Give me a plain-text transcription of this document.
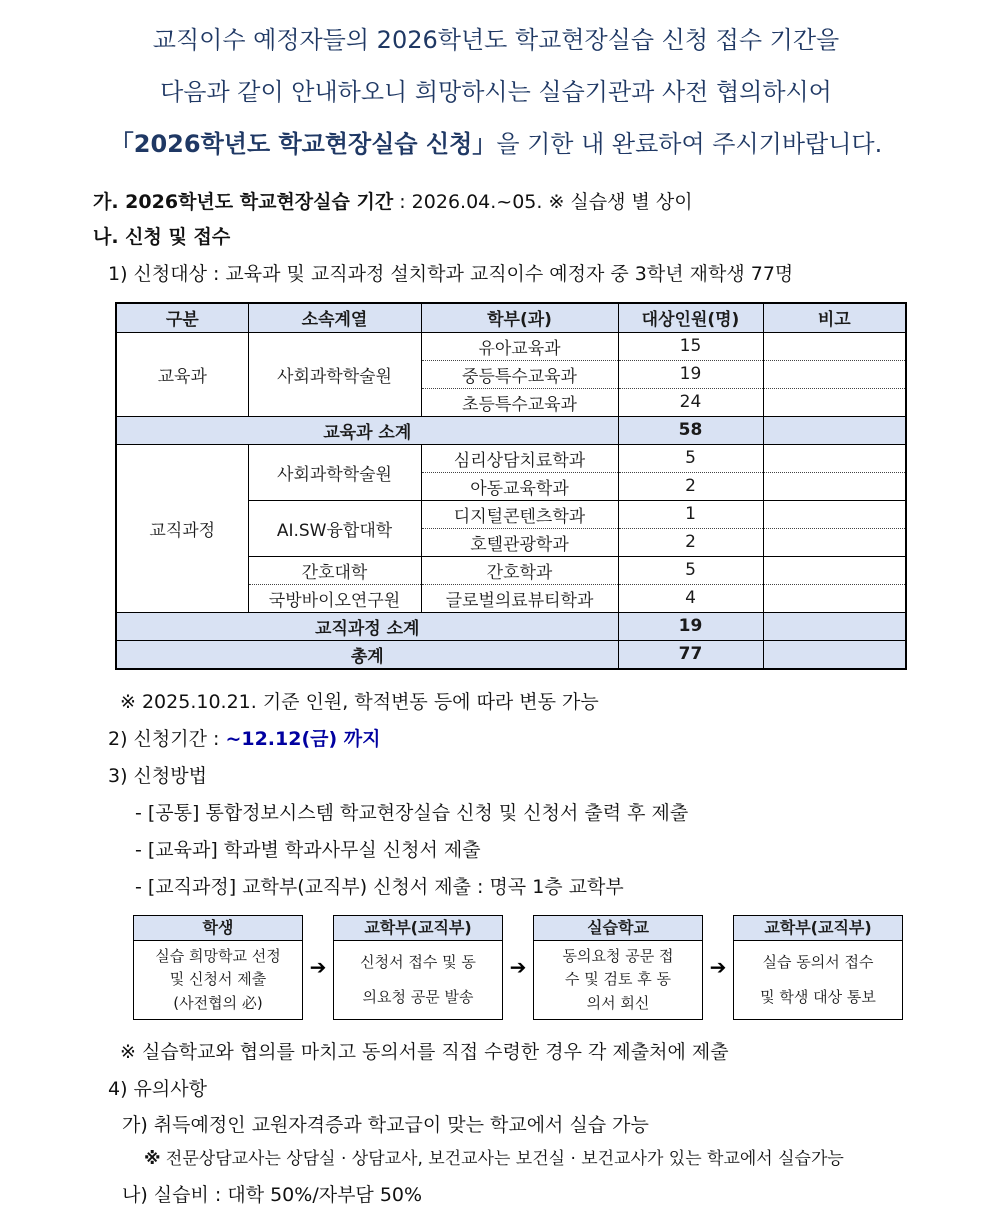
교직이수 예정자들의 2026학년도 학교현장실습 신청 접수 기간을
다음과 같이 안내하오니 희망하시는 실습기관과 사전 협의하시어
「2026학년도 학교현장실습 신청」을 기한 내 완료하여 주시기바랍니다.
가. 2026학년도 학교현장실습 기간 : 2026.04.~05. ※ 실습생 별 상이
나. 신청 및 접수
1) 신청대상 : 교육과 및 교직과정 설치학과 교직이수 예정자 중 3학년 재학생 77명
구분	소속계열	학부(과)	대상인원(명)	비고
교육과	사회과학학술원	유아교육과	15	
		중등특수교육과	19	
		초등특수교육과	24	
교육과 소계			58	
교직과정	사회과학학술원	심리상담치료학과	5	
		아동교육학과	2	
	AI.SW융합대학	디지털콘텐츠학과	1	
		호텔관광학과	2	
	간호대학	간호학과	5	
	국방바이오연구원	글로벌의료뷰티학과	4	
교직과정 소계			19	
총계			77	
※ 2025.10.21. 기준 인원, 학적변동 등에 따라 변동 가능
2) 신청기간 : ~12.12(금) 까지
3) 신청방법
- [공통] 통합정보시스템 학교현장실습 신청 및 신청서 출력 후 제출
- [교육과] 학과별 학과사무실 신청서 제출
- [교직과정] 교학부(교직부) 신청서 제출 : 명곡 1층 교학부
학생
실습 희망학교 선정
및 신청서 제출
(사전협의 必)
➔
교학부(교직부)
신청서 접수 및 동
의요청 공문 발송
➔
실습학교
동의요청 공문 접
수 및 검토 후 동
의서 회신
➔
교학부(교직부)
실습 동의서 접수
및 학생 대상 통보
※ 실습학교와 협의를 마치고 동의서를 직접 수령한 경우 각 제출처에 제출
4) 유의사항
가) 취득예정인 교원자격증과 학교급이 맞는 학교에서 실습 가능
※ 전문상담교사는 상담실 · 상담교사, 보건교사는 보건실 · 보건교사가 있는 학교에서 실습가능
나) 실습비 : 대학 50%/자부담 50%
